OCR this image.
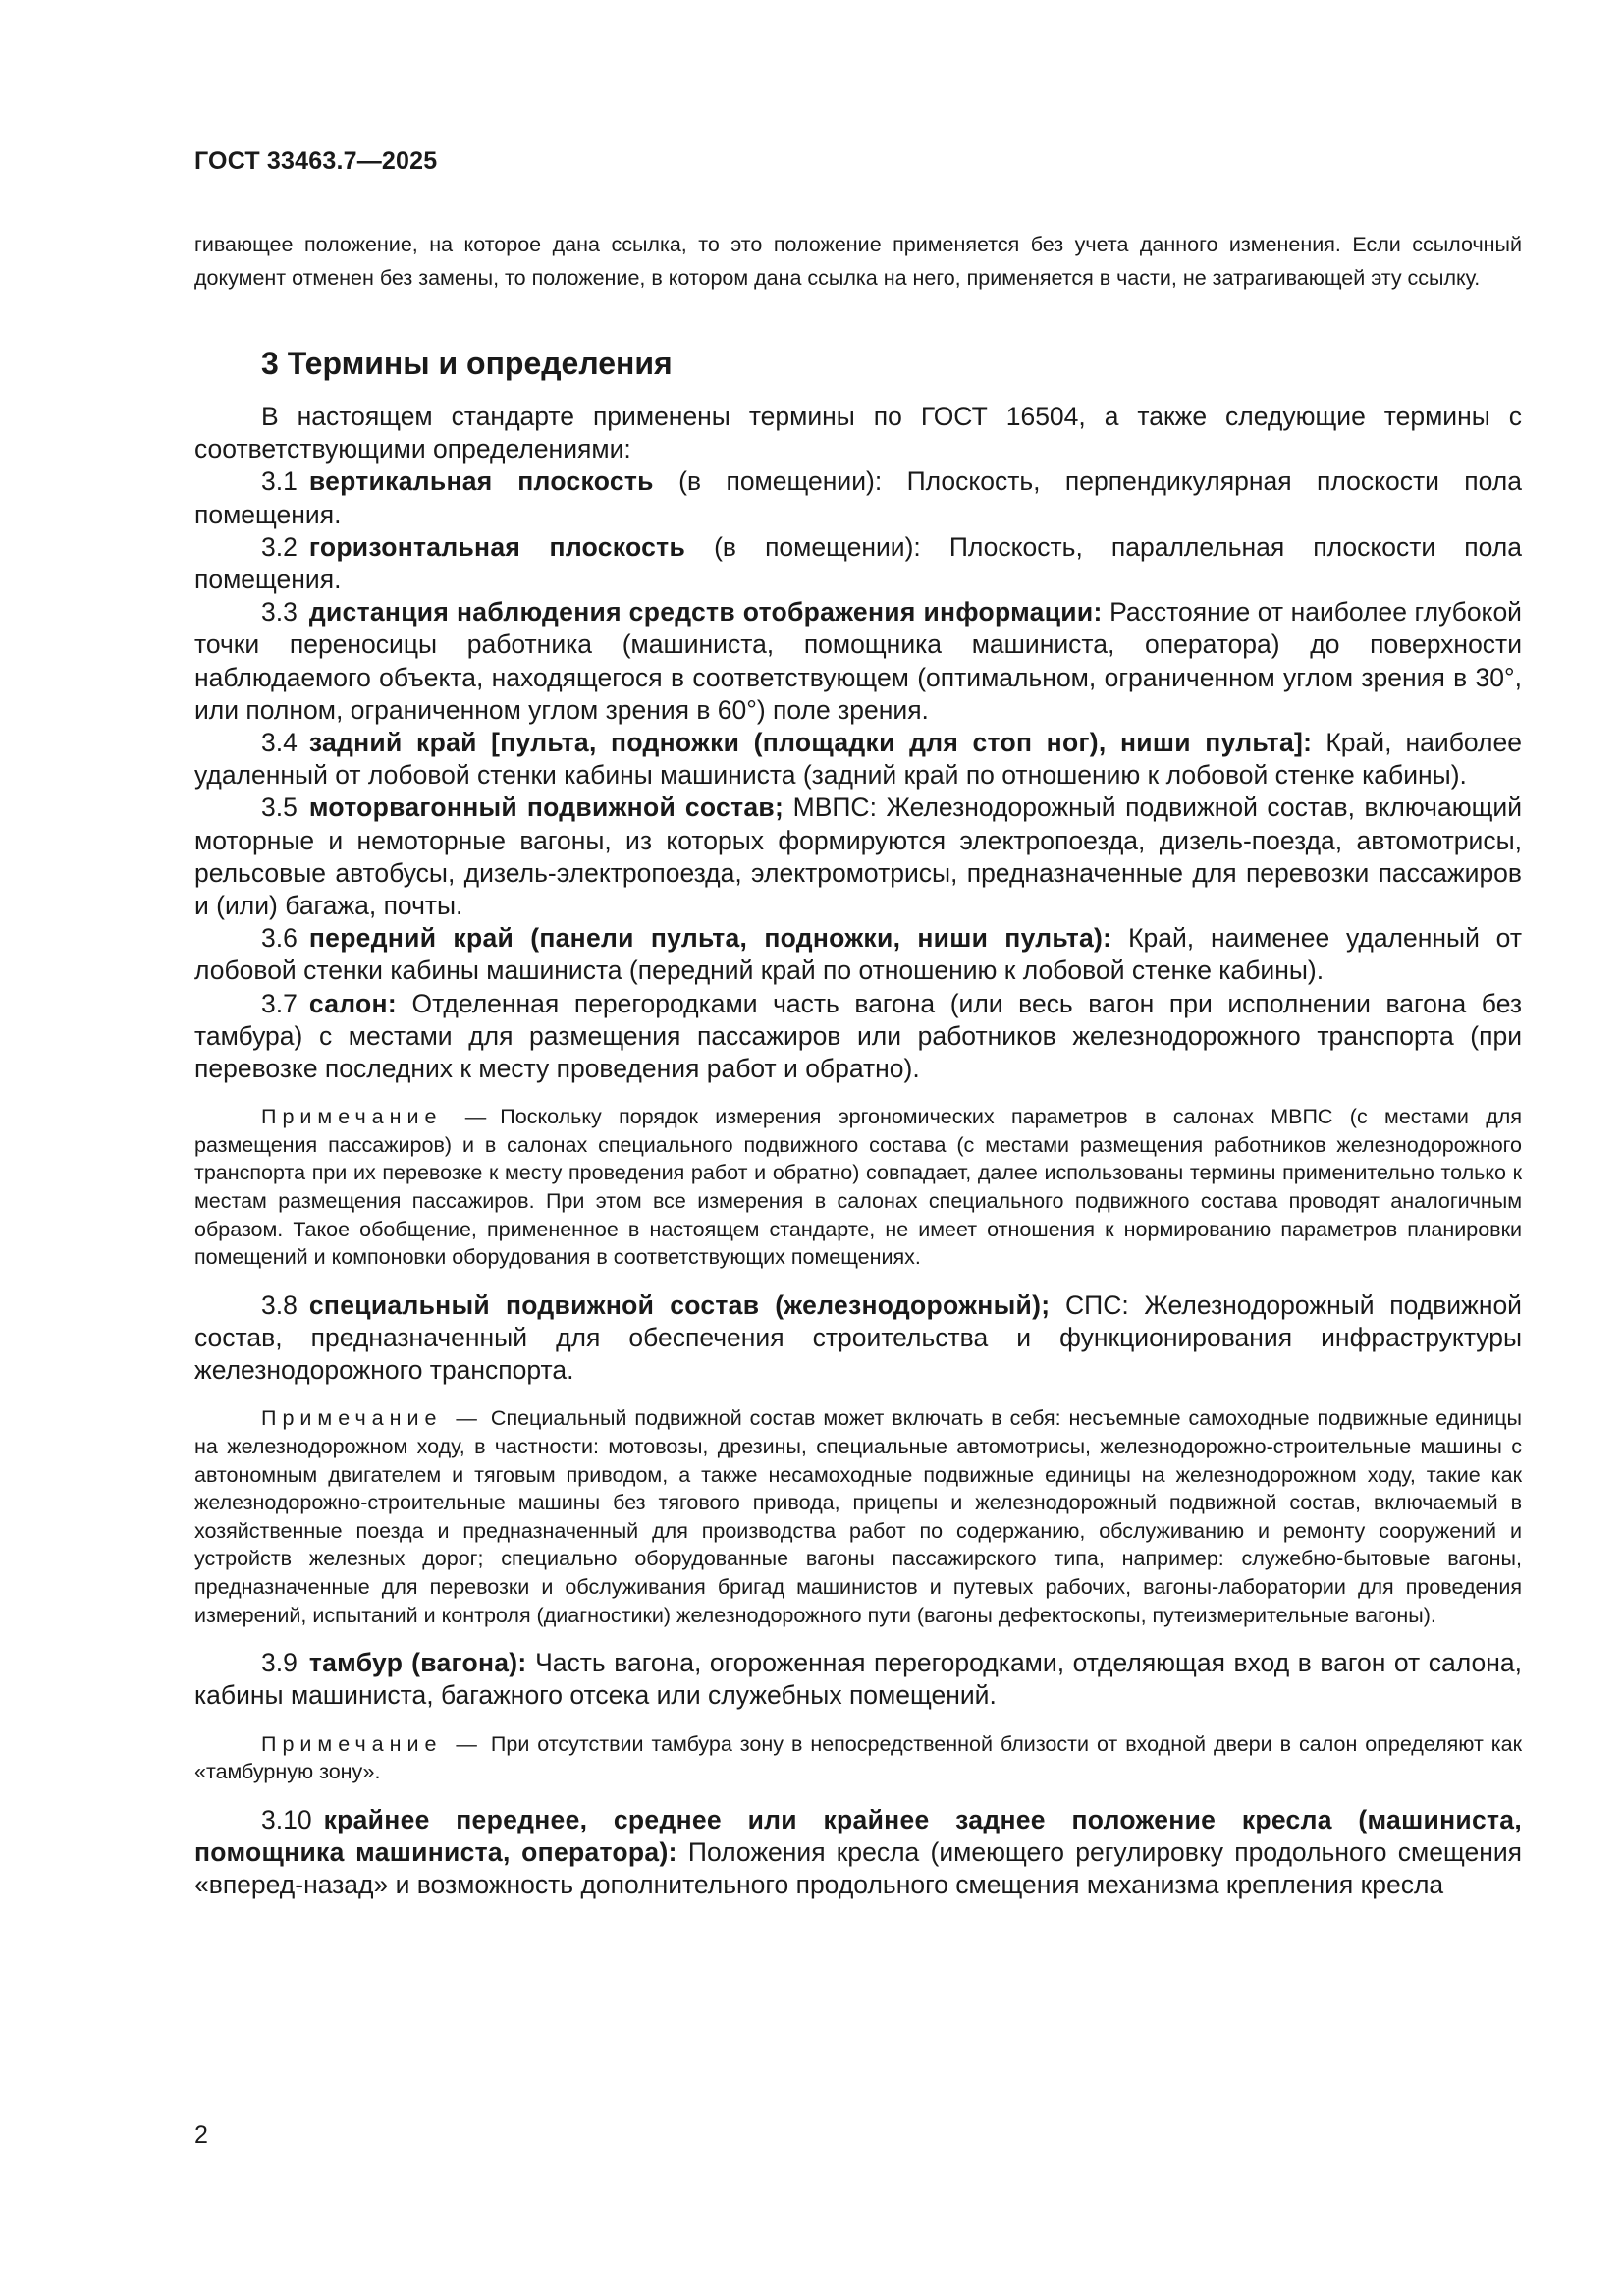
ГОСТ 33463.7—2025

гивающее положение, на которое дана ссылка, то это положение применяется без учета данного изменения. Если ссылочный документ отменен без замены, то положение, в котором дана ссылка на него, применяется в части, не затрагивающей эту ссылку.

3 Термины и определения

В настоящем стандарте применены термины по ГОСТ 16504, а также следующие термины с соответствующими определениями:

3.1 вертикальная плоскость (в помещении): Плоскость, перпендикулярная плоскости пола помещения.

3.2 горизонтальная плоскость (в помещении): Плоскость, параллельная плоскости пола помещения.

3.3 дистанция наблюдения средств отображения информации: Расстояние от наиболее глубокой точки переносицы работника (машиниста, помощника машиниста, оператора) до поверхности наблюдаемого объекта, находящегося в соответствующем (оптимальном, ограниченном углом зрения в 30°, или полном, ограниченном углом зрения в 60°) поле зрения.

3.4 задний край [пульта, подножки (площадки для стоп ног), ниши пульта]: Край, наиболее удаленный от лобовой стенки кабины машиниста (задний край по отношению к лобовой стенке кабины).

3.5 моторвагонный подвижной состав; МВПС: Железнодорожный подвижной состав, включающий моторные и немоторные вагоны, из которых формируются электропоезда, дизель-поезда, автомотрисы, рельсовые автобусы, дизель-электропоезда, электромотрисы, предназначенные для перевозки пассажиров и (или) багажа, почты.

3.6 передний край (панели пульта, подножки, ниши пульта): Край, наименее удаленный от лобовой стенки кабины машиниста (передний край по отношению к лобовой стенке кабины).

3.7 салон: Отделенная перегородками часть вагона (или весь вагон при исполнении вагона без тамбура) с местами для размещения пассажиров или работников железнодорожного транспорта (при перевозке последних к месту проведения работ и обратно).

Примечание — Поскольку порядок измерения эргономических параметров в салонах МВПС (с местами для размещения пассажиров) и в салонах специального подвижного состава (с местами размещения работников железнодорожного транспорта при их перевозке к месту проведения работ и обратно) совпадает, далее использованы термины применительно только к местам размещения пассажиров. При этом все измерения в салонах специального подвижного состава проводят аналогичным образом. Такое обобщение, примененное в настоящем стандарте, не имеет отношения к нормированию параметров планировки помещений и компоновки оборудования в соответствующих помещениях.

3.8 специальный подвижной состав (железнодорожный); СПС: Железнодорожный подвижной состав, предназначенный для обеспечения строительства и функционирования инфраструктуры железнодорожного транспорта.

Примечание — Специальный подвижной состав может включать в себя: несъемные самоходные подвижные единицы на железнодорожном ходу, в частности: мотовозы, дрезины, специальные автомотрисы, железнодорожно-строительные машины с автономным двигателем и тяговым приводом, а также несамоходные подвижные единицы на железнодорожном ходу, такие как железнодорожно-строительные машины без тягового привода, прицепы и железнодорожный подвижной состав, включаемый в хозяйственные поезда и предназначенный для производства работ по содержанию, обслуживанию и ремонту сооружений и устройств железных дорог; специально оборудованные вагоны пассажирского типа, например: служебно-бытовые вагоны, предназначенные для перевозки и обслуживания бригад машинистов и путевых рабочих, вагоны-лаборатории для проведения измерений, испытаний и контроля (диагностики) железнодорожного пути (вагоны дефектоскопы, путеизмерительные вагоны).

3.9 тамбур (вагона): Часть вагона, огороженная перегородками, отделяющая вход в вагон от салона, кабины машиниста, багажного отсека или служебных помещений.

Примечание — При отсутствии тамбура зону в непосредственной близости от входной двери в салон определяют как «тамбурную зону».

3.10 крайнее переднее, среднее или крайнее заднее положение кресла (машиниста, помощника машиниста, оператора): Положения кресла (имеющего регулировку продольного смещения «вперед-назад» и возможность дополнительного продольного смещения механизма крепления кресла

2
